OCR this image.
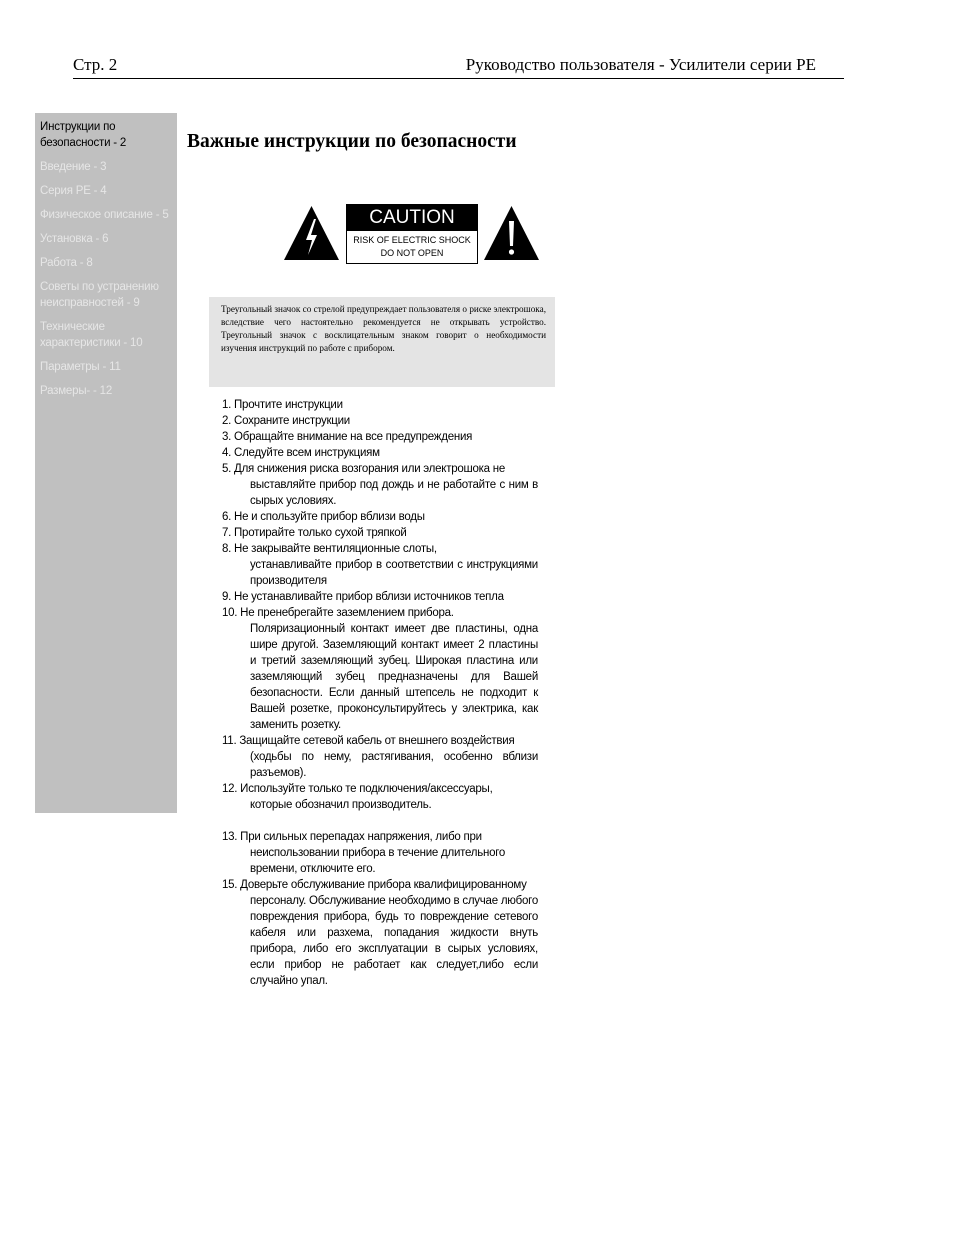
Стр. 2	Руководство пользователя - Усилители серии PE
Инструкции по
безопасности - 2
Введение - 3
Серия PE - 4
Физическое описание - 5
Установка - 6
Работа - 8
Советы по устранению
неисправностей - 9
Технические
характеристики - 10
Параметры - 11
Размеры- - 12
Важные инструкции по безопасности
CAUTION
RISK OF ELECTRIC SHOCK
DO NOT OPEN

Треугольный значок со стрелой предупреждает пользователя о риске электрошока, вследствие чего настоятельно рекомендуется не открывать устройство. Треугольный значок с восклицательным знаком говорит о необходимости изучения инструкций по работе с прибором.

1. Прочтите инструкции
2. Сохраните инструкции
3. Обращайте внимание на все предупреждения
4. Следуйте всем инструкциям
5. Для снижения риска возгорания или электрошока не
выставляйте прибор под дождь и не работайте с ним в сырых условиях.
6. Не и спользуйте прибор вблизи воды
7. Протирайте только сухой тряпкой
8. Не закрывайте вентиляционные слоты,
устанавливайте прибор в соответствии с инструкциями производителя
9. Не устанавливайте прибор вблизи источников тепла
10. Не пренебрегайте заземлением прибора.
Поляризационный контакт имеет две пластины, одна шире другой. Заземляющий контакт имеет 2 пластины и третий заземляющий зубец. Широкая пластина или заземляющий зубец предназначены для Вашей безопасности. Если данный штепсель не подходит к Вашей розетке, проконсультируйтесь у электрика, как заменить розетку.
11. Защищайте сетевой кабель от внешнего воздействия
(ходьбы по нему, растягивания, особенно вблизи разъемов).
12. Используйте только те подключения/аксессуары,
которые обозначил производитель.
13. При сильных перепадах напряжения, либо при
неиспользовании прибора в течение длительного времени, отключите его.
15. Доверьте обслуживание прибора квалифицированному
персоналу. Обслуживание необходимо в случае любого повреждения прибора, будь то повреждение сетевого кабеля или разхема, попадания жидкости внуть прибора, либо его эксплуатации в сырых условиях, если прибор не работает как следует,либо если случайно упал.
